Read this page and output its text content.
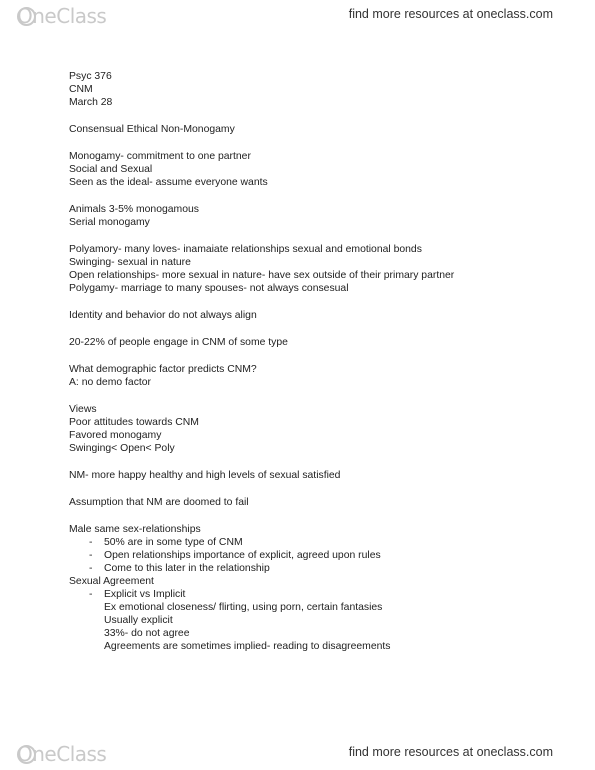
OneClass	find more resources at oneclass.com
Psyc 376
CNM
March 28
Consensual Ethical Non-Monogamy
Monogamy- commitment to one partner
Social and Sexual
Seen as the ideal- assume everyone wants
Animals 3-5% monogamous
Serial monogamy
Polyamory- many loves- inamaiate relationships sexual and emotional bonds
Swinging- sexual in nature
Open relationships- more sexual in nature- have sex outside of their primary partner
Polygamy- marriage to many spouses- not always consesual
Identity and behavior do not always align
20-22% of people engage in CNM of some type
What demographic factor predicts CNM?
A: no demo factor
Views
Poor attitudes towards CNM
Favored monogamy
Swinging< Open< Poly
NM- more happy healthy and high levels of sexual satisfied
Assumption that NM are doomed to fail
Male same sex-relationships
- 50% are in some type of CNM
- Open relationships importance of explicit, agreed upon rules
- Come to this later in the relationship
Sexual Agreement
- Explicit vs Implicit
Ex emotional closeness/ flirting, using porn, certain fantasies
Usually explicit
33%- do not agree
Agreements are sometimes implied- reading to disagreements
OneClass	find more resources at oneclass.com
